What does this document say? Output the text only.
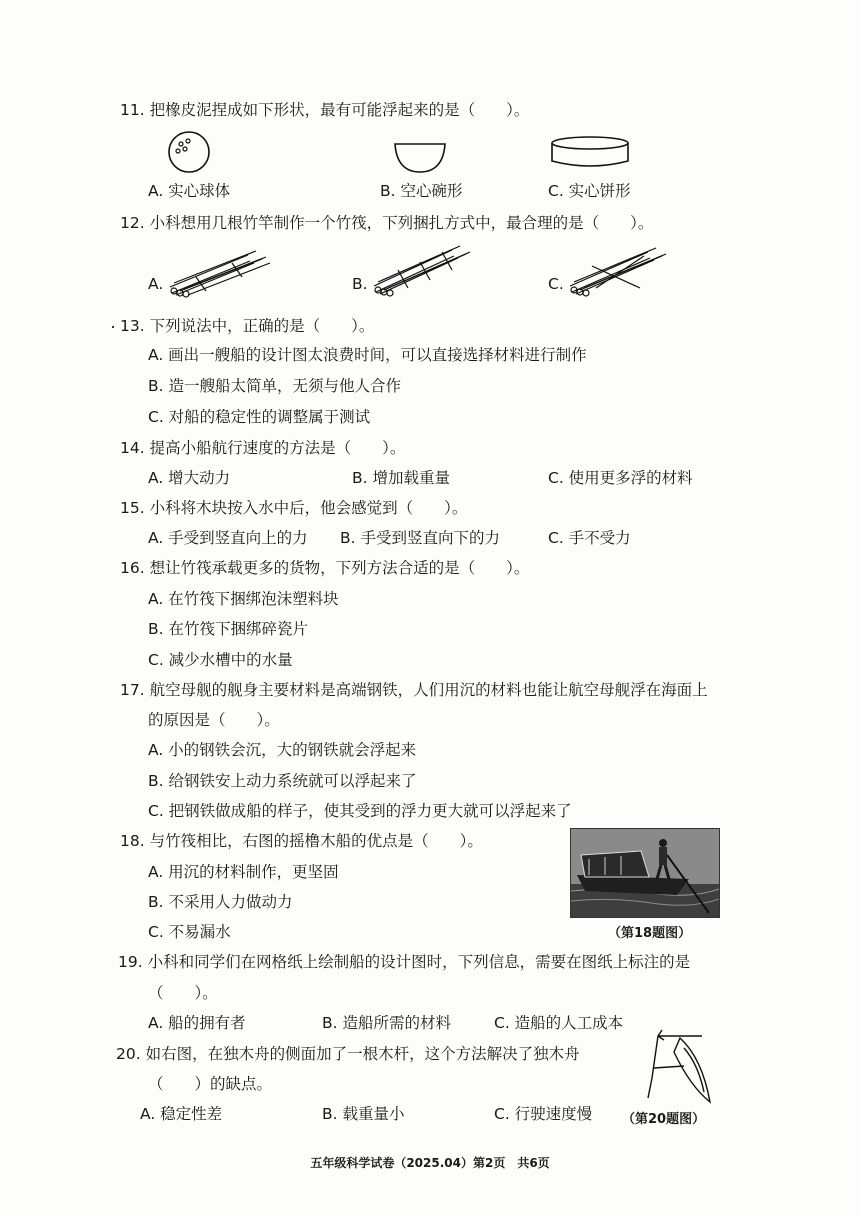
11. 把橡皮泥捏成如下形状，最有可能浮起来的是（　　）。
A. 实心球体	B. 空心碗形	C. 实心饼形
12. 小科想用几根竹竿制作一个竹筏，下列捆扎方式中，最合理的是（　　）。
A.	B.	C.
13. 下列说法中，正确的是（　　）。
A. 画出一艘船的设计图太浪费时间，可以直接选择材料进行制作
B. 造一艘船太简单，无须与他人合作
C. 对船的稳定性的调整属于测试
14. 提高小船航行速度的方法是（　　）。
A. 增大动力	B. 增加载重量	C. 使用更多浮的材料
15. 小科将木块按入水中后，他会感觉到（　　）。
A. 手受到竖直向上的力 B. 手受到竖直向下的力	C. 手不受力
16. 想让竹筏承载更多的货物，下列方法合适的是（　　）。
A. 在竹筏下捆绑泡沫塑料块
B. 在竹筏下捆绑碎瓷片
C. 减少水槽中的水量
17. 航空母舰的舰身主要材料是高端钢铁，人们用沉的材料也能让航空母舰浮在海面上
的原因是（　　）。
A. 小的钢铁会沉，大的钢铁就会浮起来
B. 给钢铁安上动力系统就可以浮起来了
C. 把钢铁做成船的样子，使其受到的浮力更大就可以浮起来了
18. 与竹筏相比，右图的摇橹木船的优点是（　　）。
A. 用沉的材料制作，更坚固
B. 不采用人力做动力
C. 不易漏水	（第18题图）
19. 小科和同学们在网格纸上绘制船的设计图时，下列信息，需要在图纸上标注的是
（　　）。
A. 船的拥有者	B. 造船所需的材料	C. 造船的人工成本
20. 如右图，在独木舟的侧面加了一根木杆，这个方法解决了独木舟
（　　）的缺点。
A. 稳定性差	B. 载重量小	C. 行驶速度慢 （第20题图）
五年级科学试卷（2025.04）第2页　共6页
